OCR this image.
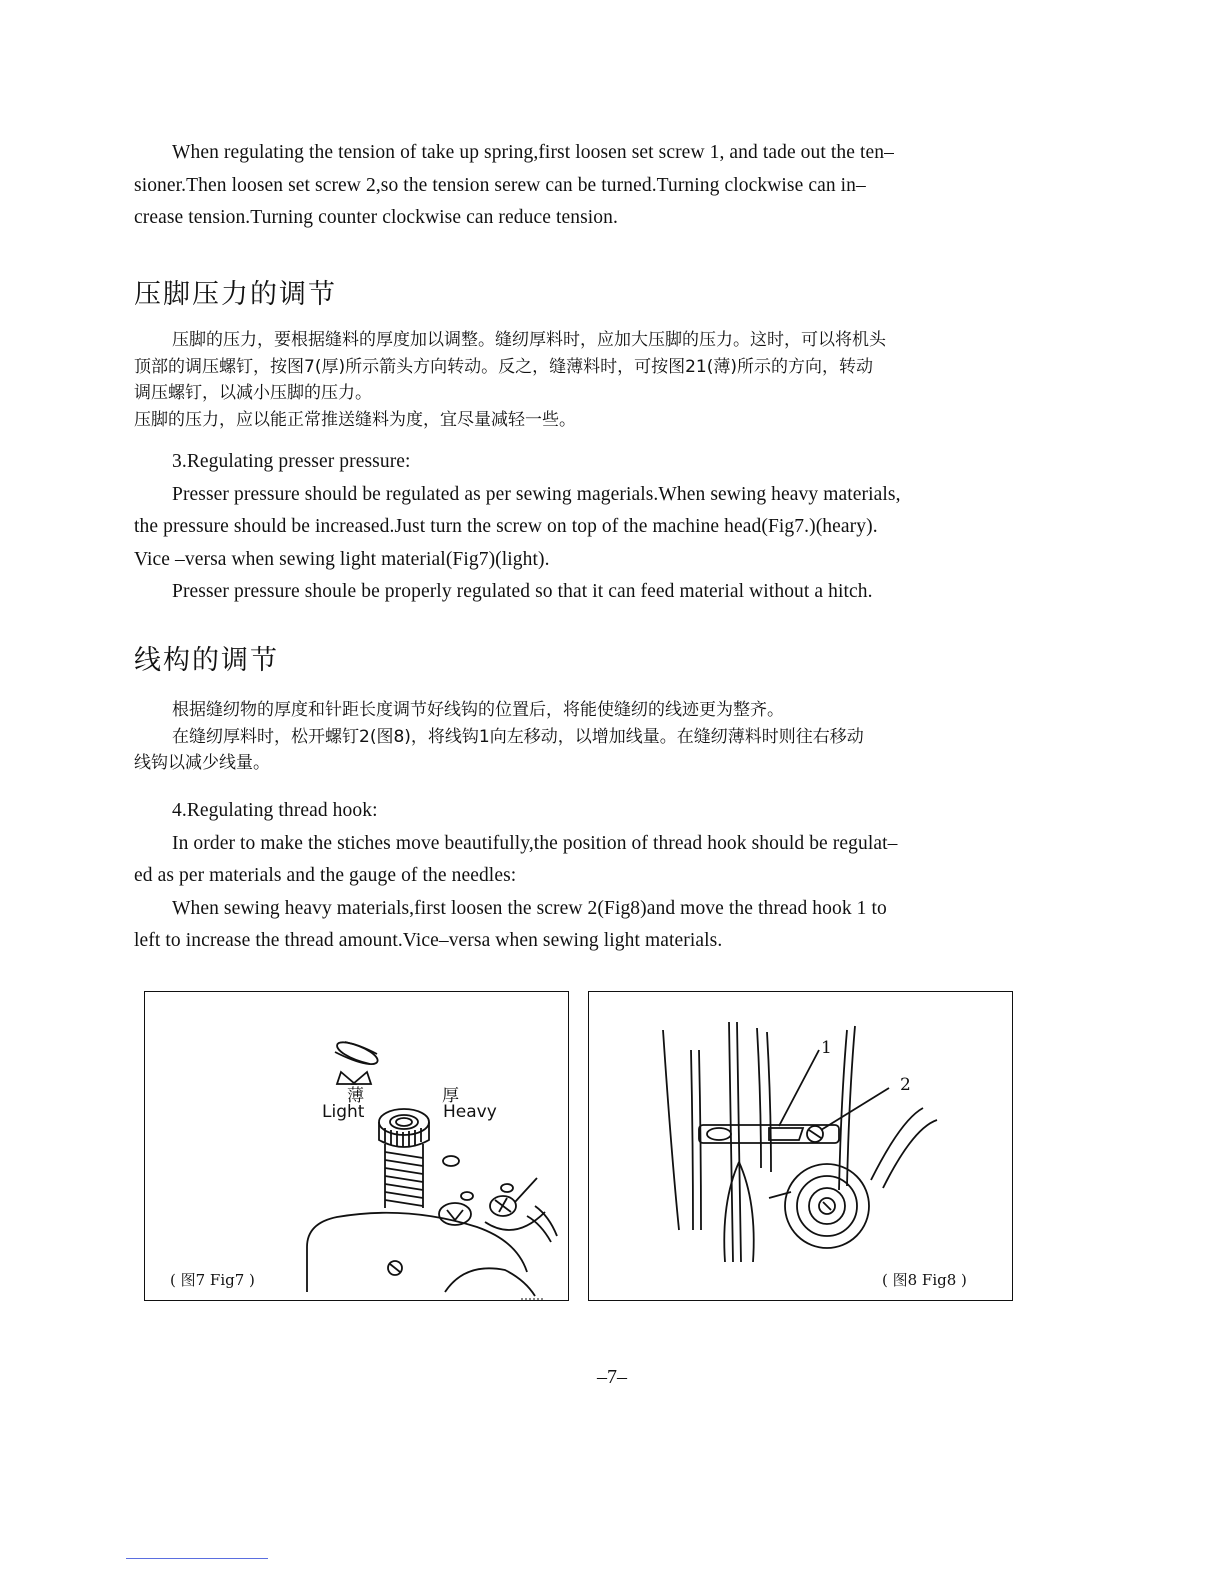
When regulating the tension of take up spring,first loosen set screw 1, and tade out the ten–
sioner.Then loosen set screw 2,so the tension serew can be turned.Turning clockwise can in–
crease tension.Turning counter clockwise can reduce tension.

压脚压力的调节

压脚的压力，要根据缝料的厚度加以调整。缝纫厚料时，应加大压脚的压力。这时，可以将机头
顶部的调压螺钉，按图7(厚)所示箭头方向转动。反之，缝薄料时，可按图21(薄)所示的方向，转动
调压螺钉，以减小压脚的压力。
压脚的压力，应以能正常推送缝料为度，宜尽量减轻一些。

3.Regulating presser pressure:
Presser pressure should be regulated as per sewing magerials.When sewing heavy materials,
the pressure should be increased.Just turn the screw on top of the machine head(Fig7.)(heary).
Vice –versa when sewing light material(Fig7)(light).
Presser pressure shoule be properly regulated so that it can feed material without a hitch.

线构的调节

根据缝纫物的厚度和针距长度调节好线钩的位置后，将能使缝纫的线迹更为整齐。
在缝纫厚料时，松开螺钉2(图8)，将线钩1向左移动，以增加线量。在缝纫薄料时则往右移动
线钩以减少线量。

4.Regulating thread hook:
In order to make the stiches move beautifully,the position of thread hook should be regulat–
ed as per materials and the gauge of the needles:
When sewing heavy materials,first loosen the screw 2(Fig8)and move the thread hook 1 to
left to increase the thread amount.Vice–versa when sewing light materials.

薄	厚
Light	Heavy
( 图7 Fig7 )
1
2
( 图8 Fig8 )
–7–
